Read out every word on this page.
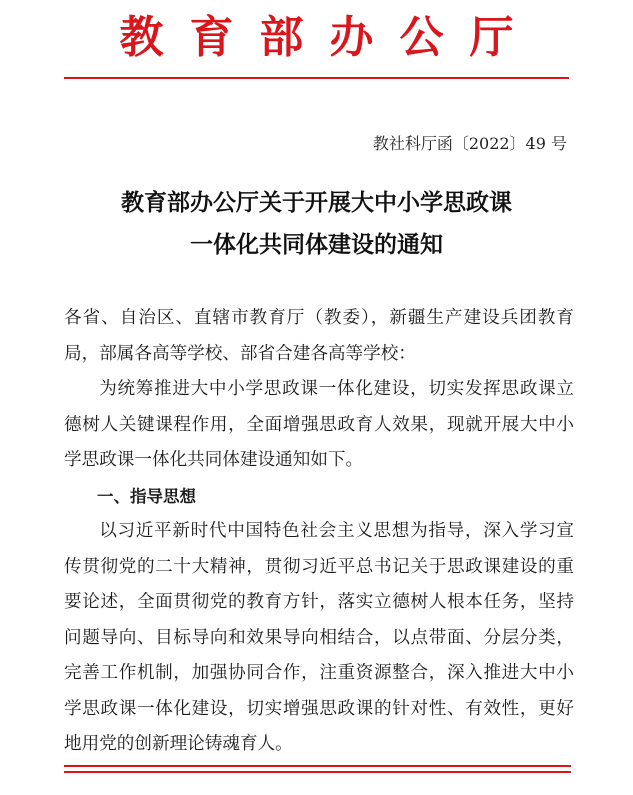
教育部办公厅
教社科厅函〔2022〕49 号
教育部办公厅关于开展大中小学思政课
一体化共同体建设的通知

各省、自治区、直辖市教育厅（教委），新疆生产建设兵团教育局，部属各高等学校、部省合建各高等学校：

为统筹推进大中小学思政课一体化建设，切实发挥思政课立德树人关键课程作用，全面增强思政育人效果，现就开展大中小学思政课一体化共同体建设通知如下。

一、指导思想

以习近平新时代中国特色社会主义思想为指导，深入学习宣传贯彻党的二十大精神，贯彻习近平总书记关于思政课建设的重要论述，全面贯彻党的教育方针，落实立德树人根本任务，坚持问题导向、目标导向和效果导向相结合，以点带面、分层分类，完善工作机制，加强协同合作，注重资源整合，深入推进大中小学思政课一体化建设，切实增强思政课的针对性、有效性，更好地用党的创新理论铸魂育人。
